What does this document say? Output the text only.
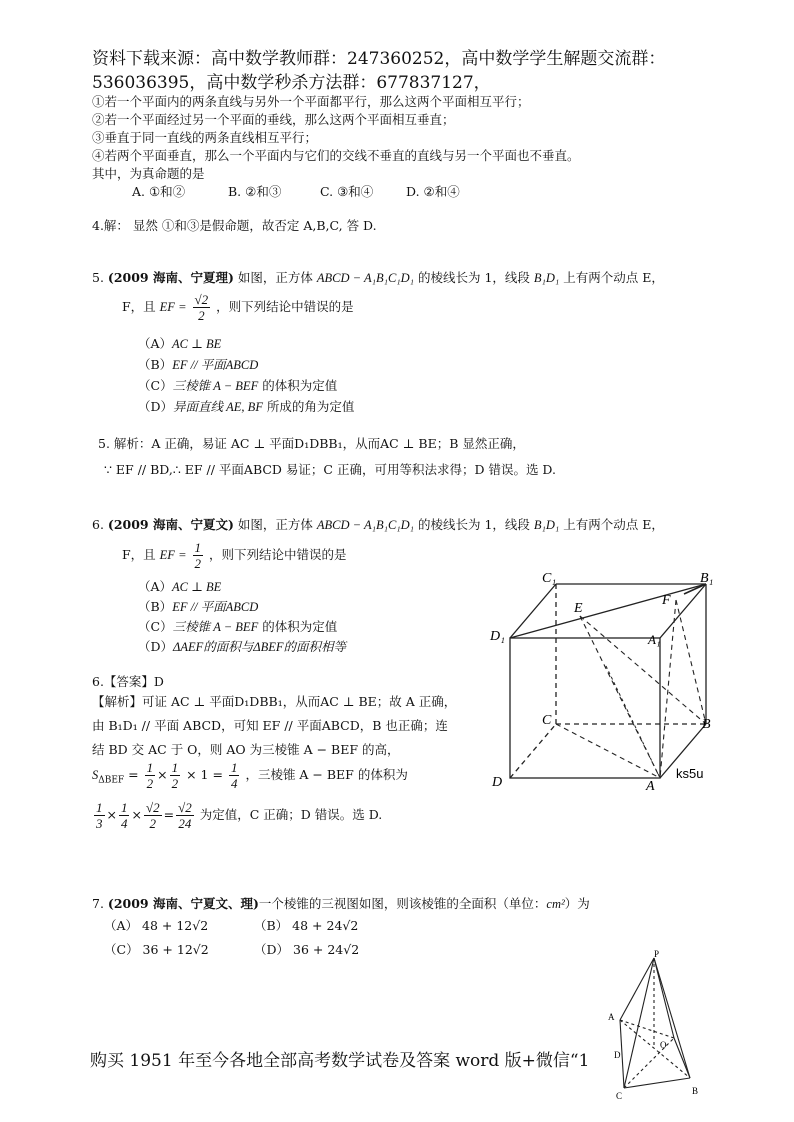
资料下载来源：高中数学教师群：247360252，高中数学学生解题交流群：
536036395，高中数学秒杀方法群：677837127，
①若一个平面内的两条直线与另外一个平面都平行，那么这两个平面相互平行；
②若一个平面经过另一个平面的垂线，那么这两个平面相互垂直；
③垂直于同一直线的两条直线相互平行；
④若两个平面垂直，那么一个平面内与它们的交线不垂直的直线与另一个平面也不垂直。
其中，为真命题的是
A. ①和②	B. ②和③	C. ③和④	D. ②和④
4.解： 显然 ①和③是假命题，故否定 A,B,C, 答 D.
5. (2009 海南、宁夏理) 如图，正方体 ABCD − A₁B₁C₁D₁ 的棱线长为 1，线段 B₁D₁ 上有两个动点 E，
F，且 EF = $\frac{√2}{2}$ ，则下列结论中错误的是
（A）AC ⊥ BE
（B）EF // 平面ABCD
（C）三棱锥 A − BEF 的体积为定值
（D）异面直线 AE, BF 所成的角为定值
5. 解析：A 正确，易证 AC ⊥ 平面D₁DBB₁，从而AC ⊥ BE；B 显然正确，
∵ EF // BD,∴ EF // 平面ABCD 易证；C 正确，可用等积法求得；D 错误。选 D.
6. (2009 海南、宁夏文) 如图，正方体 ABCD − A₁B₁C₁D₁ 的棱线长为 1，线段 B₁D₁ 上有两个动点 E，
F，且 EF = $\frac{1}{2}$ ，则下列结论中错误的是
（A）AC ⊥ BE
（B）EF // 平面ABCD
（C）三棱锥 A − BEF 的体积为定值
（D）ΔAEF的面积与ΔBEF的面积相等
6.【答案】D
【解析】可证 AC ⊥ 平面D₁DBB₁，从而AC ⊥ BE；故 A 正确，
由 B₁D₁ // 平面 ABCD，可知 EF // 平面ABCD，B 也正确；连
结 BD 交 AC 于 O，则 AO 为三棱锥 A − BEF 的高，
$S_{\Delta BEF} = \frac{1}{2} \times \frac{1}{2} \times 1 = \frac{1}{4}$ ，三棱锥 A − BEF 的体积为
$\frac{1}{3} \times \frac{1}{4} \times \frac{√2}{2} = \frac{√2}{24}$ 为定值，C 正确；D 错误。选 D.
C₁	B₁
E
F
D₁	A₁
C	B
D	A
ks5u
7. (2009 海南、宁夏文、理)一个棱锥的三视图如图，则该棱锥的全面积（单位：cm²）为
（A） 48 + 12√2	（B） 48 + 24√2
（C） 36 + 12√2	（D） 36 + 24√2	P
A
D
O
B
C
购买 1951 年至今各地全部高考数学试卷及答案 word 版+微信“1
